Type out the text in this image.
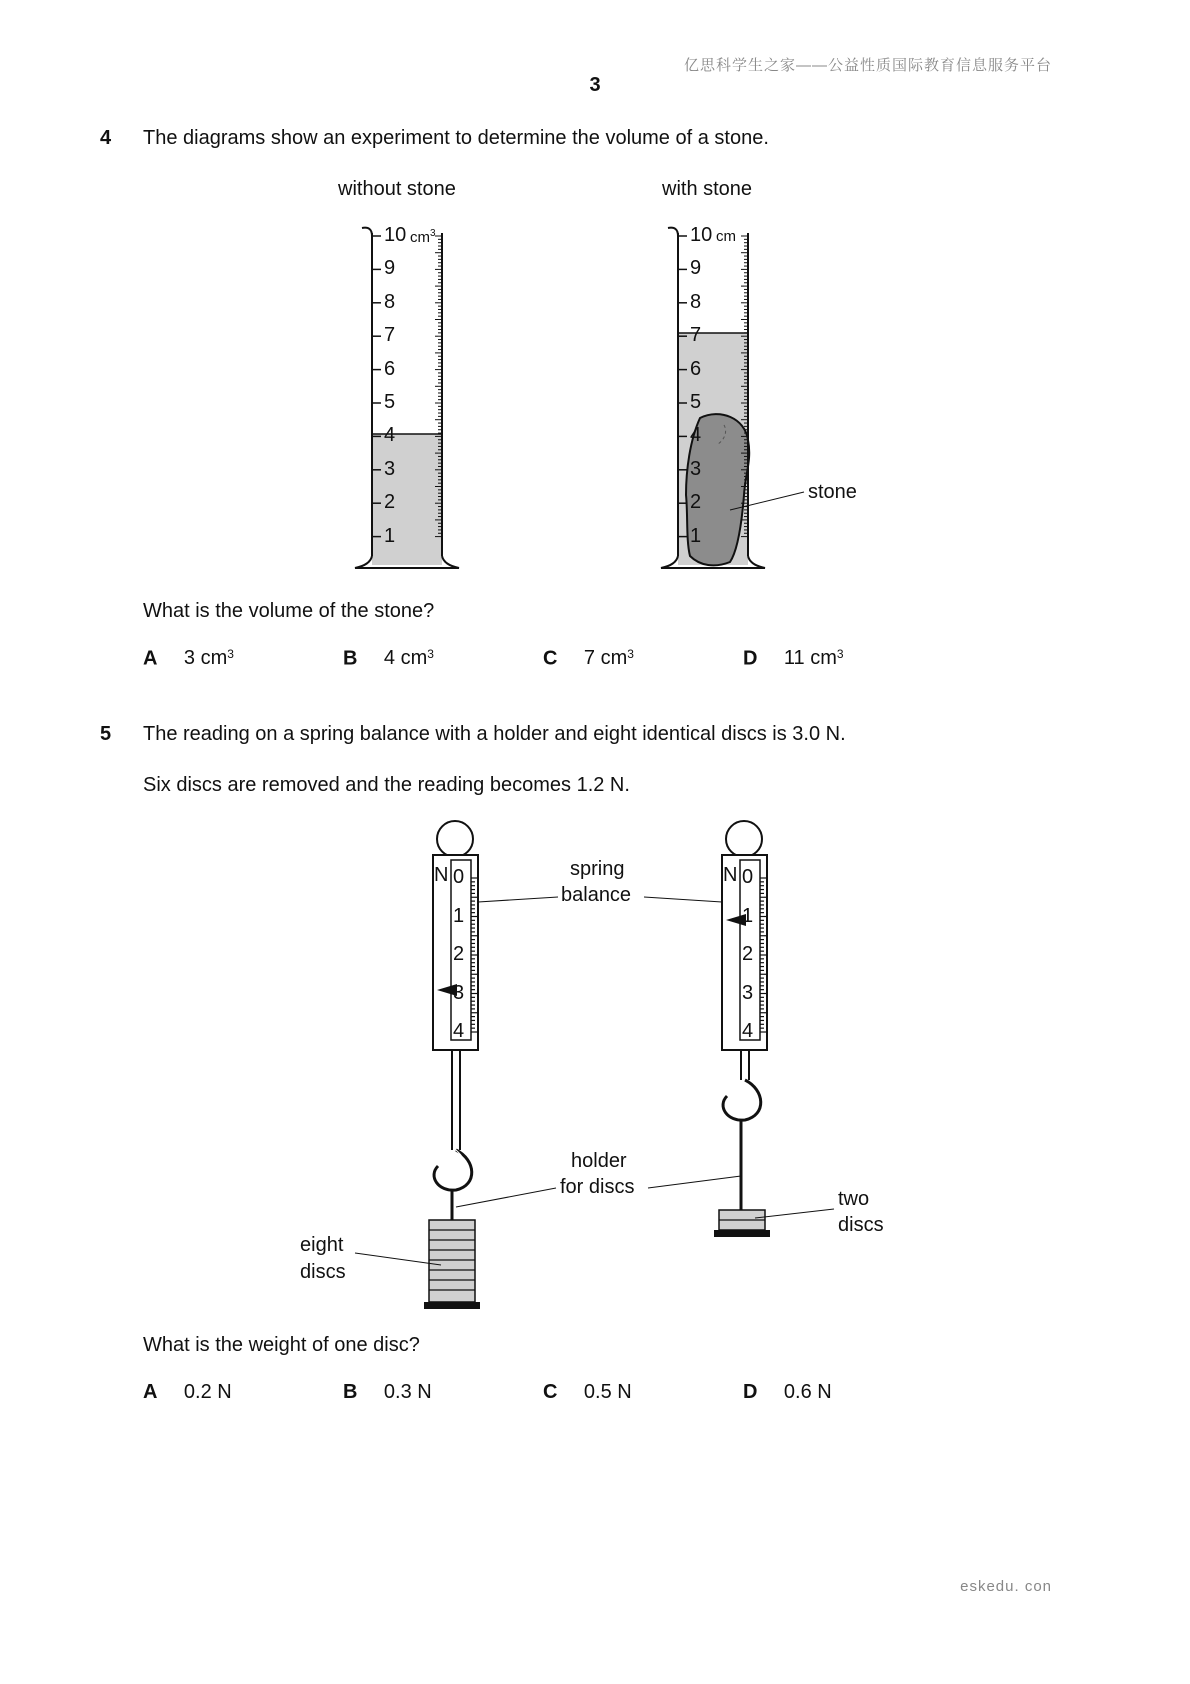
亿思科学生之家——公益性质国际教育信息服务平台
3
4 The diagrams show an experiment to determine the volume of a stone.
without stone	with stone
10
9
8
7
6
5
4
3
2
1
10
9
8
7
6
5
4
3
2
1
$cm^3$	cm
stone
What is the volume of the stone?
A 3 $cm^3$	B 4 $cm^3$	C 7 $cm^3$	D 11 $cm^3$
5 The reading on a spring balance with a holder and eight identical discs is 3.0 N.
Six discs are removed and the reading becomes 1.2 N.
0
1
2
3
4
0
1
2
3
4
N	N
spring
balance
holder
for discs
eight
discs
two
discs
What is the weight of one disc?
A 0.2 N	B 0.3 N	C 0.5 N	D 0.6 N
eskedu. con
